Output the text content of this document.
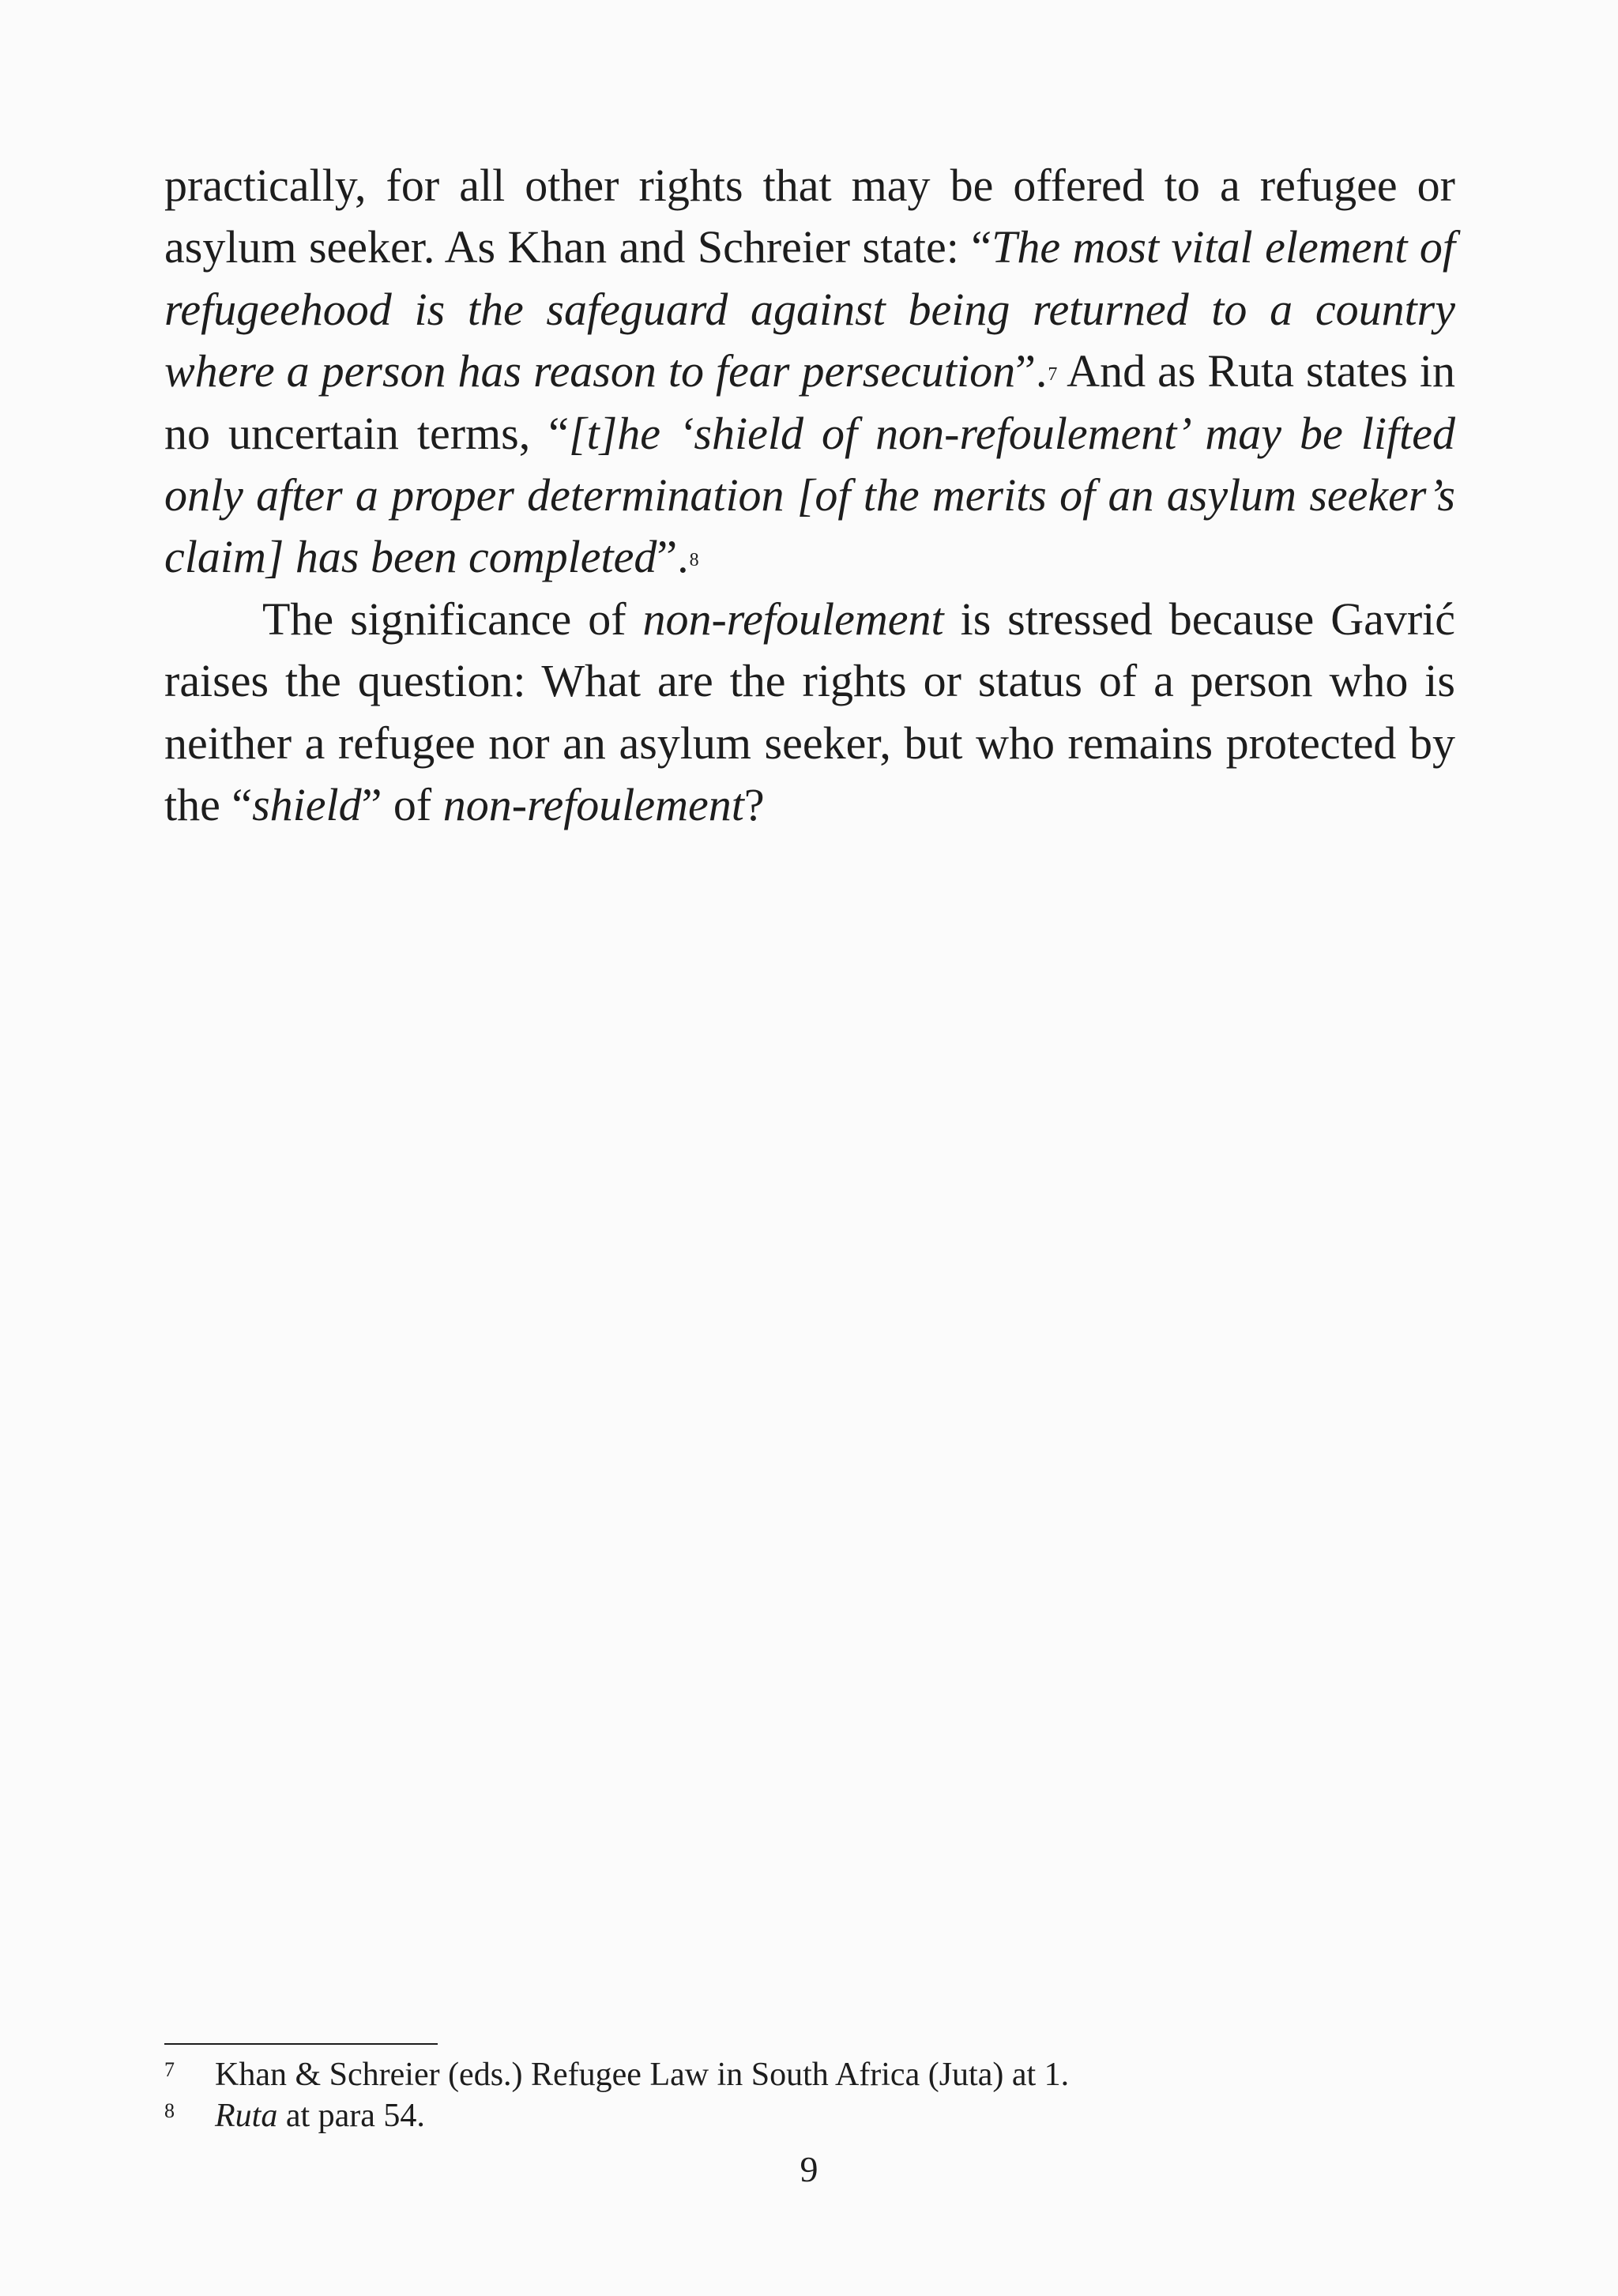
practically, for all other rights that may be offered to a refugee or asylum seeker. As Khan and Schreier state: “The most vital element of refugeehood is the safeguard against being returned to a country where a person has reason to fear persecution”.$^7$ And as Ruta states in no uncertain terms, “[t]he ‘shield of non-refoulement’ may be lifted only after a proper determination [of the merits of an asylum seeker’s claim] has been completed”.$^8$

The significance of non-refoulement is stressed because Gavrić raises the question: What are the rights or status of a person who is neither a refugee nor an asylum seeker, but who remains protected by the “shield” of non-refoulement?

7 Khan & Schreier (eds.) Refugee Law in South Africa (Juta) at 1.
8 Ruta at para 54.
9
